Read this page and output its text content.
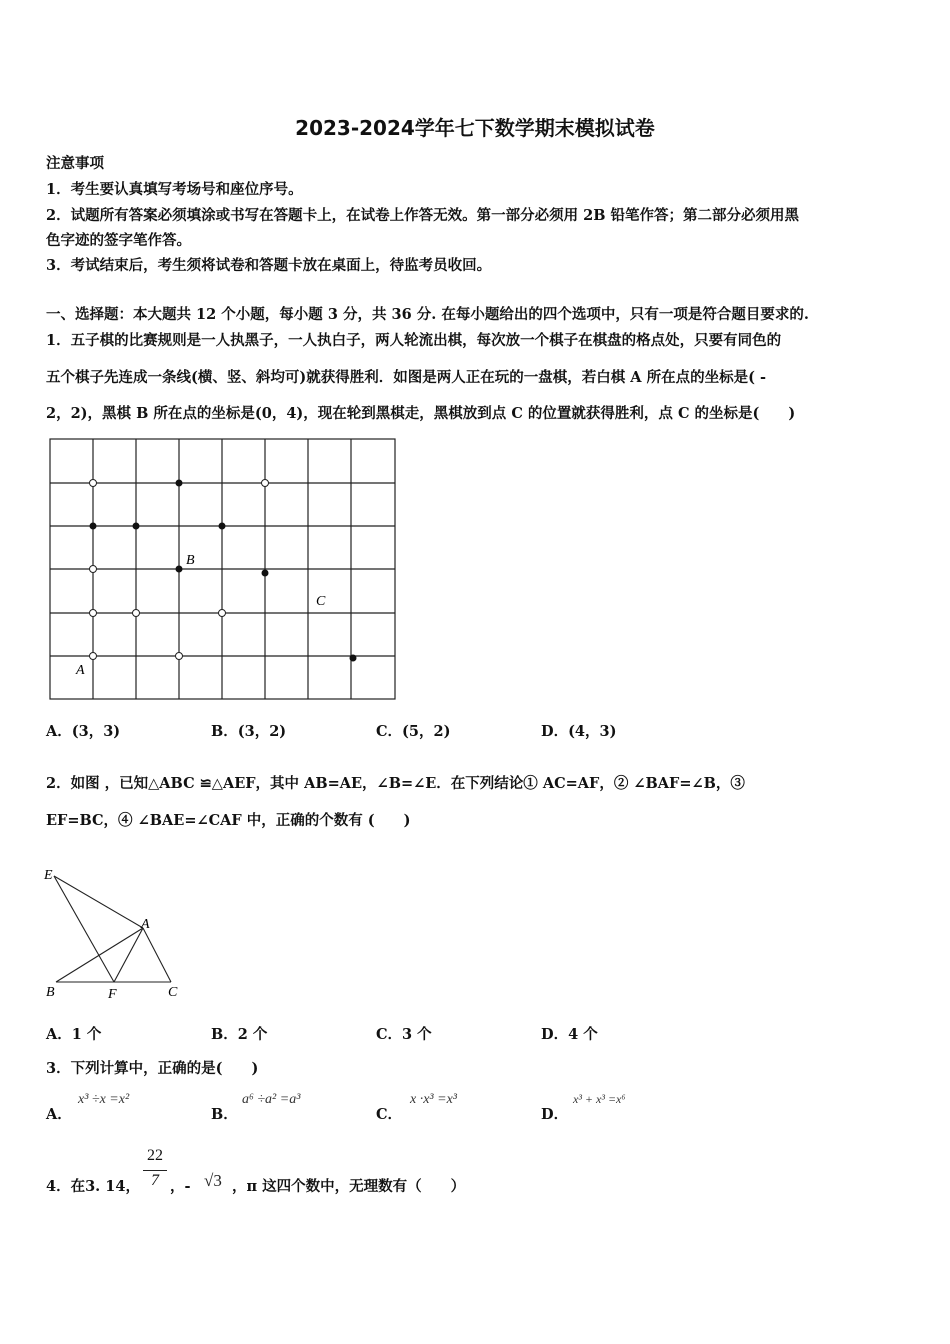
2023-2024学年七下数学期末模拟试卷
注意事项
1．考生要认真填写考场号和座位序号。
2．试题所有答案必须填涂或书写在答题卡上，在试卷上作答无效。第一部分必须用 2B 铅笔作答；第二部分必须用黑
色字迹的签字笔作答。
3．考试结束后，考生须将试卷和答题卡放在桌面上，待监考员收回。
一、选择题：本大题共 12 个小题，每小题 3 分，共 36 分. 在每小题给出的四个选项中，只有一项是符合题目要求的.
1．五子棋的比赛规则是一人执黑子，一人执白子，两人轮流出棋，每次放一个棋子在棋盘的格点处，只要有同色的
五个棋子先连成一条线(横、竖、斜均可)就获得胜利．如图是两人正在玩的一盘棋，若白棋 A 所在点的坐标是( -
2，2)，黑棋 B 所在点的坐标是(0，4)，现在轮到黑棋走，黑棋放到点 C 的位置就获得胜利，点 C 的坐标是(　　)
B
C
A
A．(3，3)	B．(3，2)	C．(5，2)	D．(4，3)
2．如图 ，已知△ABC ≌△AEF，其中 AB=AE，∠B=∠E．在下列结论① AC=AF，② ∠BAF=∠B，③
EF=BC，④ ∠BAE=∠CAF 中，正确的个数有 (　　)
E
A
B	F	C
A．1 个	B．2 个	C．3 个	D．4 个
3．下列计算中，正确的是(　　)
A．
x³ ÷x =x²
B．
a⁶ ÷a² =a³
C．
x ·x³ =x³
D．
x³ + x³ =x⁶
4．在3. 14，
22
7 ，- √3 ，π 这四个数中，无理数有（　　）
